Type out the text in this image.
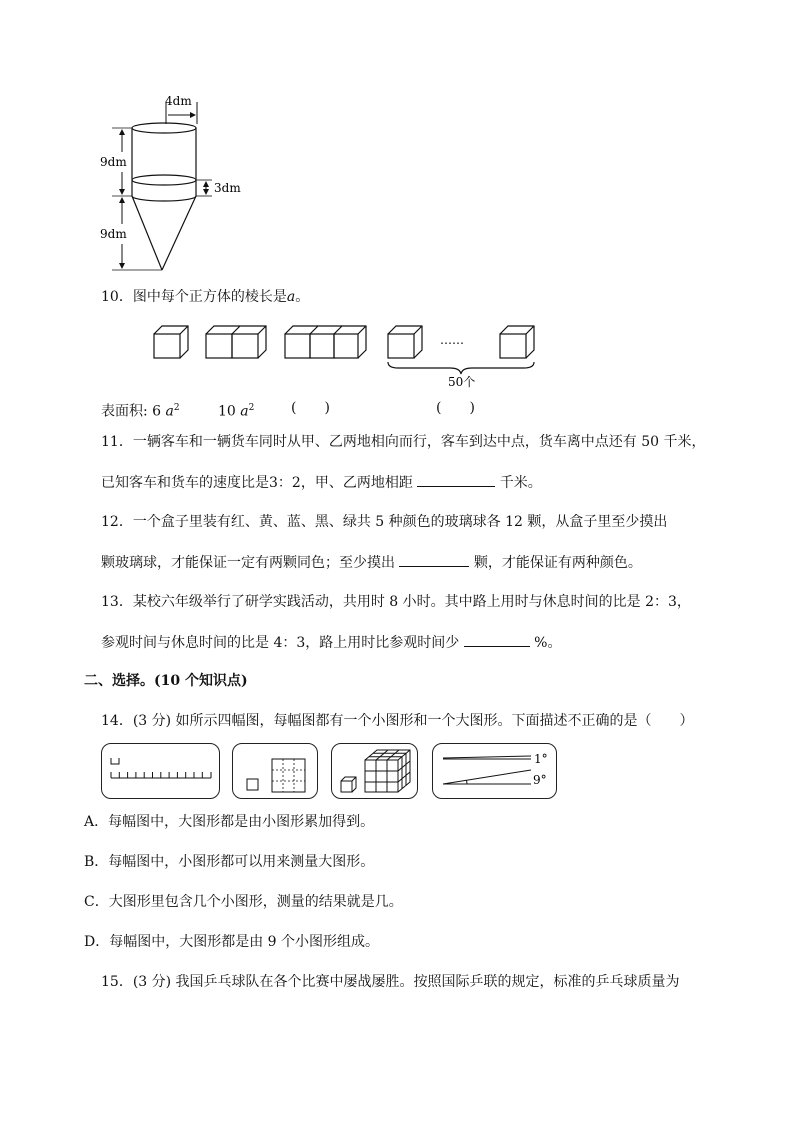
4dm
9dm
9dm
3dm
10．图中每个正方体的棱长是a。
……
50个
表面积: 6 $a^2$	10 $a^2$	(　　)	(　　)
11．一辆客车和一辆货车同时从甲、乙两地相向而行，客车到达中点，货车离中点还有 50 千米，
已知客车和货车的速度比是3：2，甲、乙两地相距	千米。
12．一个盒子里装有红、黄、蓝、黑、绿共 5 种颜色的玻璃球各 12 颗，从盒子里至少摸出
颗玻璃球，才能保证一定有两颗同色；至少摸出	颗，才能保证有两种颜色。
13．某校六年级举行了研学实践活动，共用时 8 小时。其中路上用时与休息时间的比是 2：3，
参观时间与休息时间的比是 4：3，路上用时比参观时间少	%。
二、选择。(10 个知识点)
14．(3 分) 如所示四幅图，每幅图都有一个小图形和一个大图形。下面描述不正确的是（　　）
1°
9°
A．每幅图中，大图形都是由小图形累加得到。
B．每幅图中，小图形都可以用来测量大图形。
C．大图形里包含几个小图形，测量的结果就是几。
D．每幅图中，大图形都是由 9 个小图形组成。
15．(3 分) 我国乒乓球队在各个比赛中屡战屡胜。按照国际乒联的规定，标准的乒乓球质量为
